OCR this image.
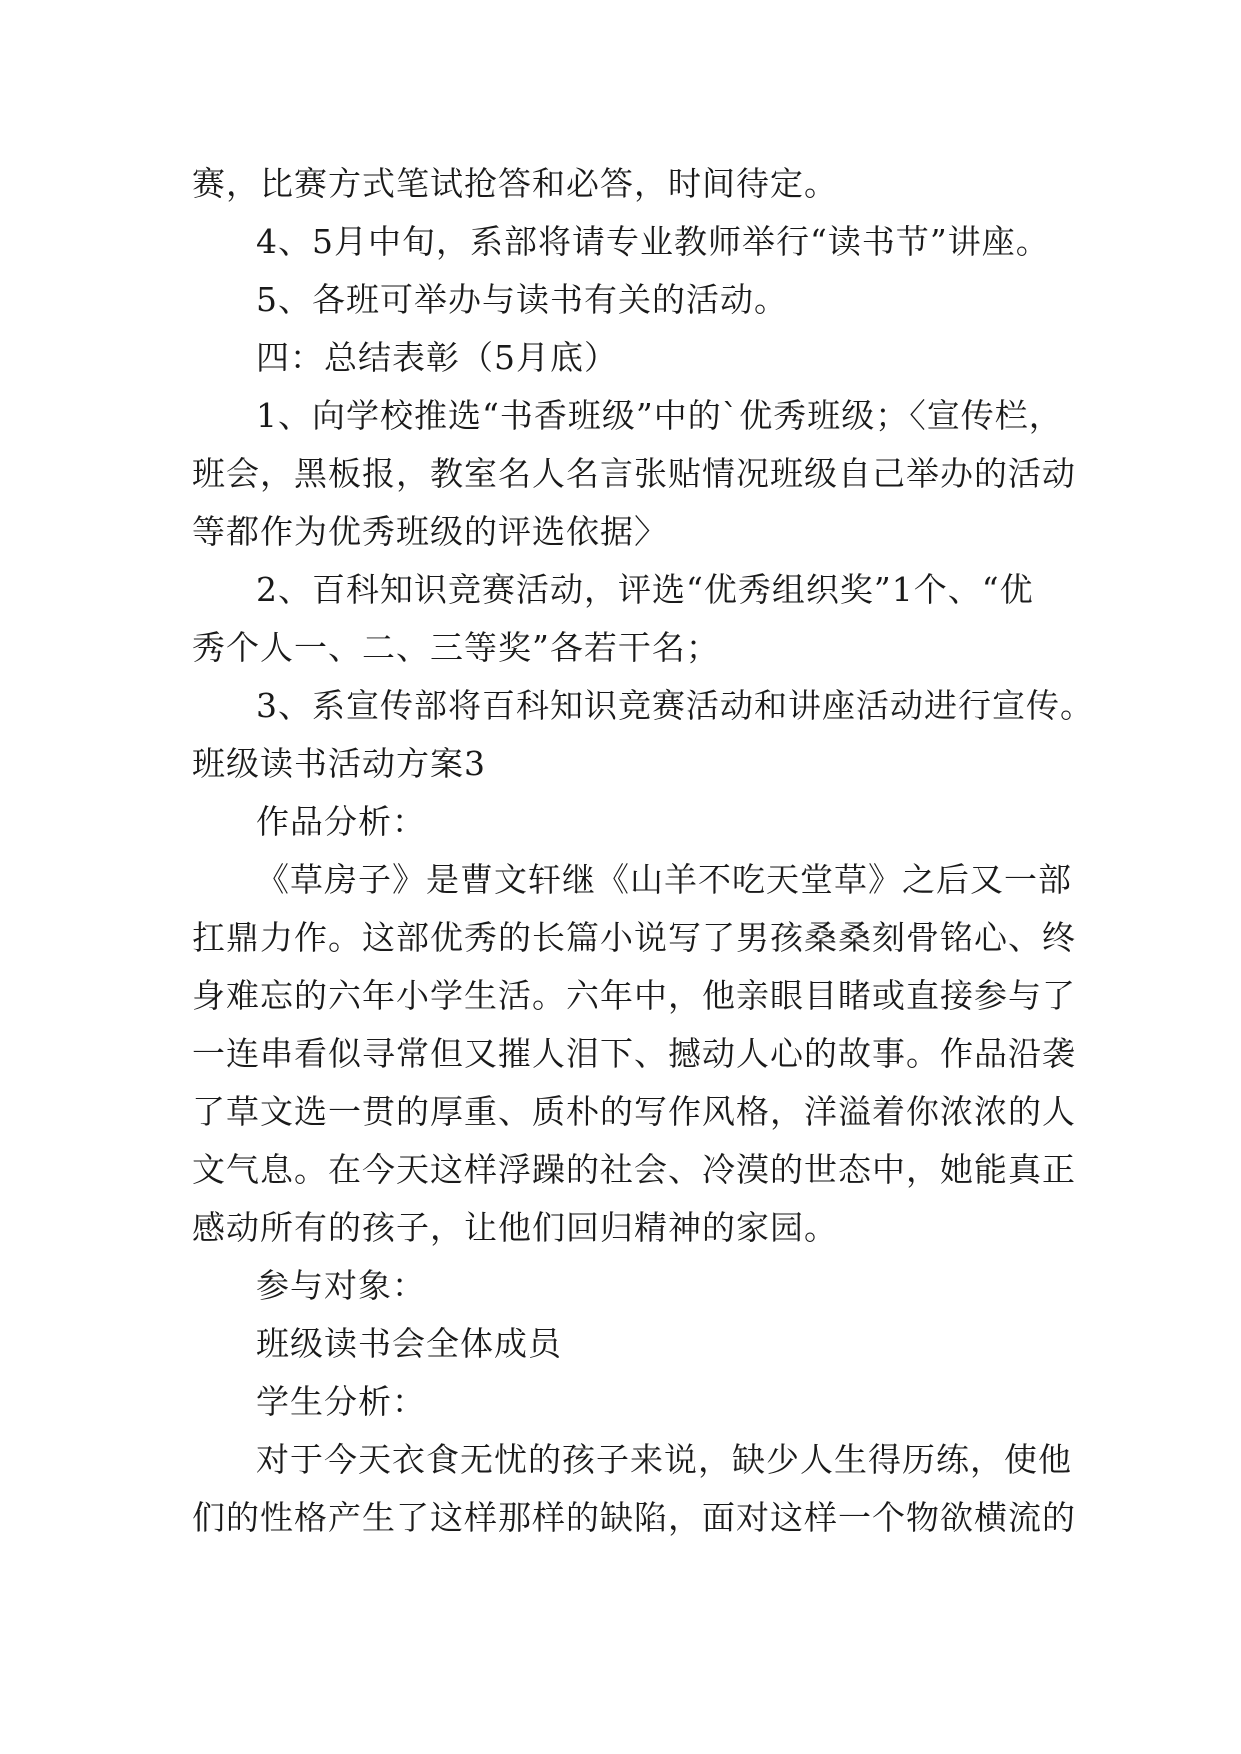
赛，比赛方式笔试抢答和必答，时间待定。
4、5月中旬，系部将请专业教师举行“读书节”讲座。
5、各班可举办与读书有关的活动。
四：总结表彰（5月底）
1、向学校推选“书香班级”中的`优秀班级；〈宣传栏，
班会，黑板报，教室名人名言张贴情况班级自己举办的活动
等都作为优秀班级的评选依据〉
2、百科知识竞赛活动，评选“优秀组织奖”1个、“优
秀个人一、二、三等奖”各若干名；
3、系宣传部将百科知识竞赛活动和讲座活动进行宣传。
班级读书活动方案3
作品分析：
《草房子》是曹文轩继《山羊不吃天堂草》之后又一部
扛鼎力作。这部优秀的长篇小说写了男孩桑桑刻骨铭心、终
身难忘的六年小学生活。六年中，他亲眼目睹或直接参与了
一连串看似寻常但又摧人泪下、撼动人心的故事。作品沿袭
了草文选一贯的厚重、质朴的写作风格，洋溢着你浓浓的人
文气息。在今天这样浮躁的社会、冷漠的世态中，她能真正
感动所有的孩子，让他们回归精神的家园。
参与对象：
班级读书会全体成员
学生分析：
对于今天衣食无忧的孩子来说，缺少人生得历练，使他
们的性格产生了这样那样的缺陷，面对这样一个物欲横流的
